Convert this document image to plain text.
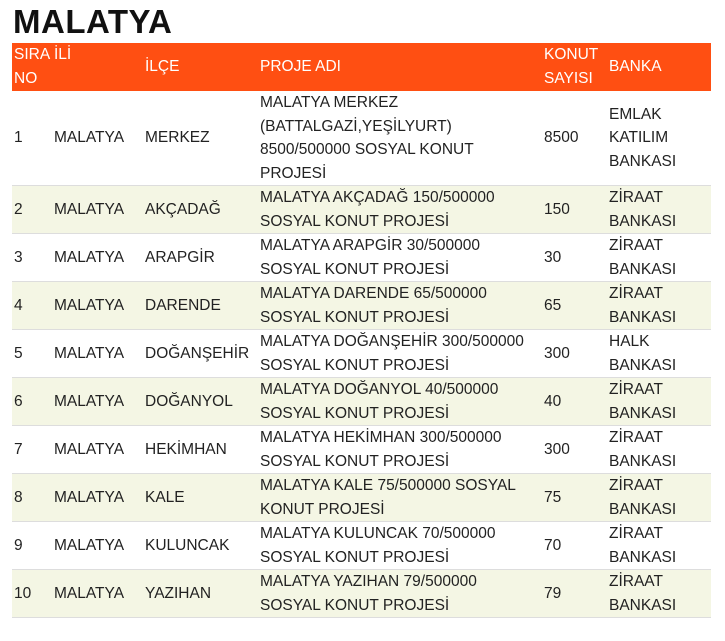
MALATYA
SIRA
NO	İLİ	İLÇE	PROJE ADI	KONUT
SAYISI	BANKA
1	MALATYA	MERKEZ	MALATYA MERKEZ
(BATTALGAZİ,YEŞİLYURT)
8500/500000 SOSYAL KONUT
PROJESİ	8500	EMLAK
KATILIM
BANKASI
2	MALATYA	AKÇADAĞ	MALATYA AKÇADAĞ 150/500000
SOSYAL KONUT PROJESİ	150	ZİRAAT
BANKASI
3	MALATYA	ARAPGİR	MALATYA ARAPGİR 30/500000
SOSYAL KONUT PROJESİ	30	ZİRAAT
BANKASI
4	MALATYA	DARENDE	MALATYA DARENDE 65/500000
SOSYAL KONUT PROJESİ	65	ZİRAAT
BANKASI
5	MALATYA	DOĞANŞEHİR	MALATYA DOĞANŞEHİR 300/500000
SOSYAL KONUT PROJESİ	300	HALK
BANKASI
6	MALATYA	DOĞANYOL	MALATYA DOĞANYOL 40/500000
SOSYAL KONUT PROJESİ	40	ZİRAAT
BANKASI
7	MALATYA	HEKİMHAN	MALATYA HEKİMHAN 300/500000
SOSYAL KONUT PROJESİ	300	ZİRAAT
BANKASI
8	MALATYA	KALE	MALATYA KALE 75/500000 SOSYAL
KONUT PROJESİ	75	ZİRAAT
BANKASI
9	MALATYA	KULUNCAK	MALATYA KULUNCAK 70/500000
SOSYAL KONUT PROJESİ	70	ZİRAAT
BANKASI
10	MALATYA	YAZIHAN	MALATYA YAZIHAN 79/500000
SOSYAL KONUT PROJESİ	79	ZİRAAT
BANKASI
